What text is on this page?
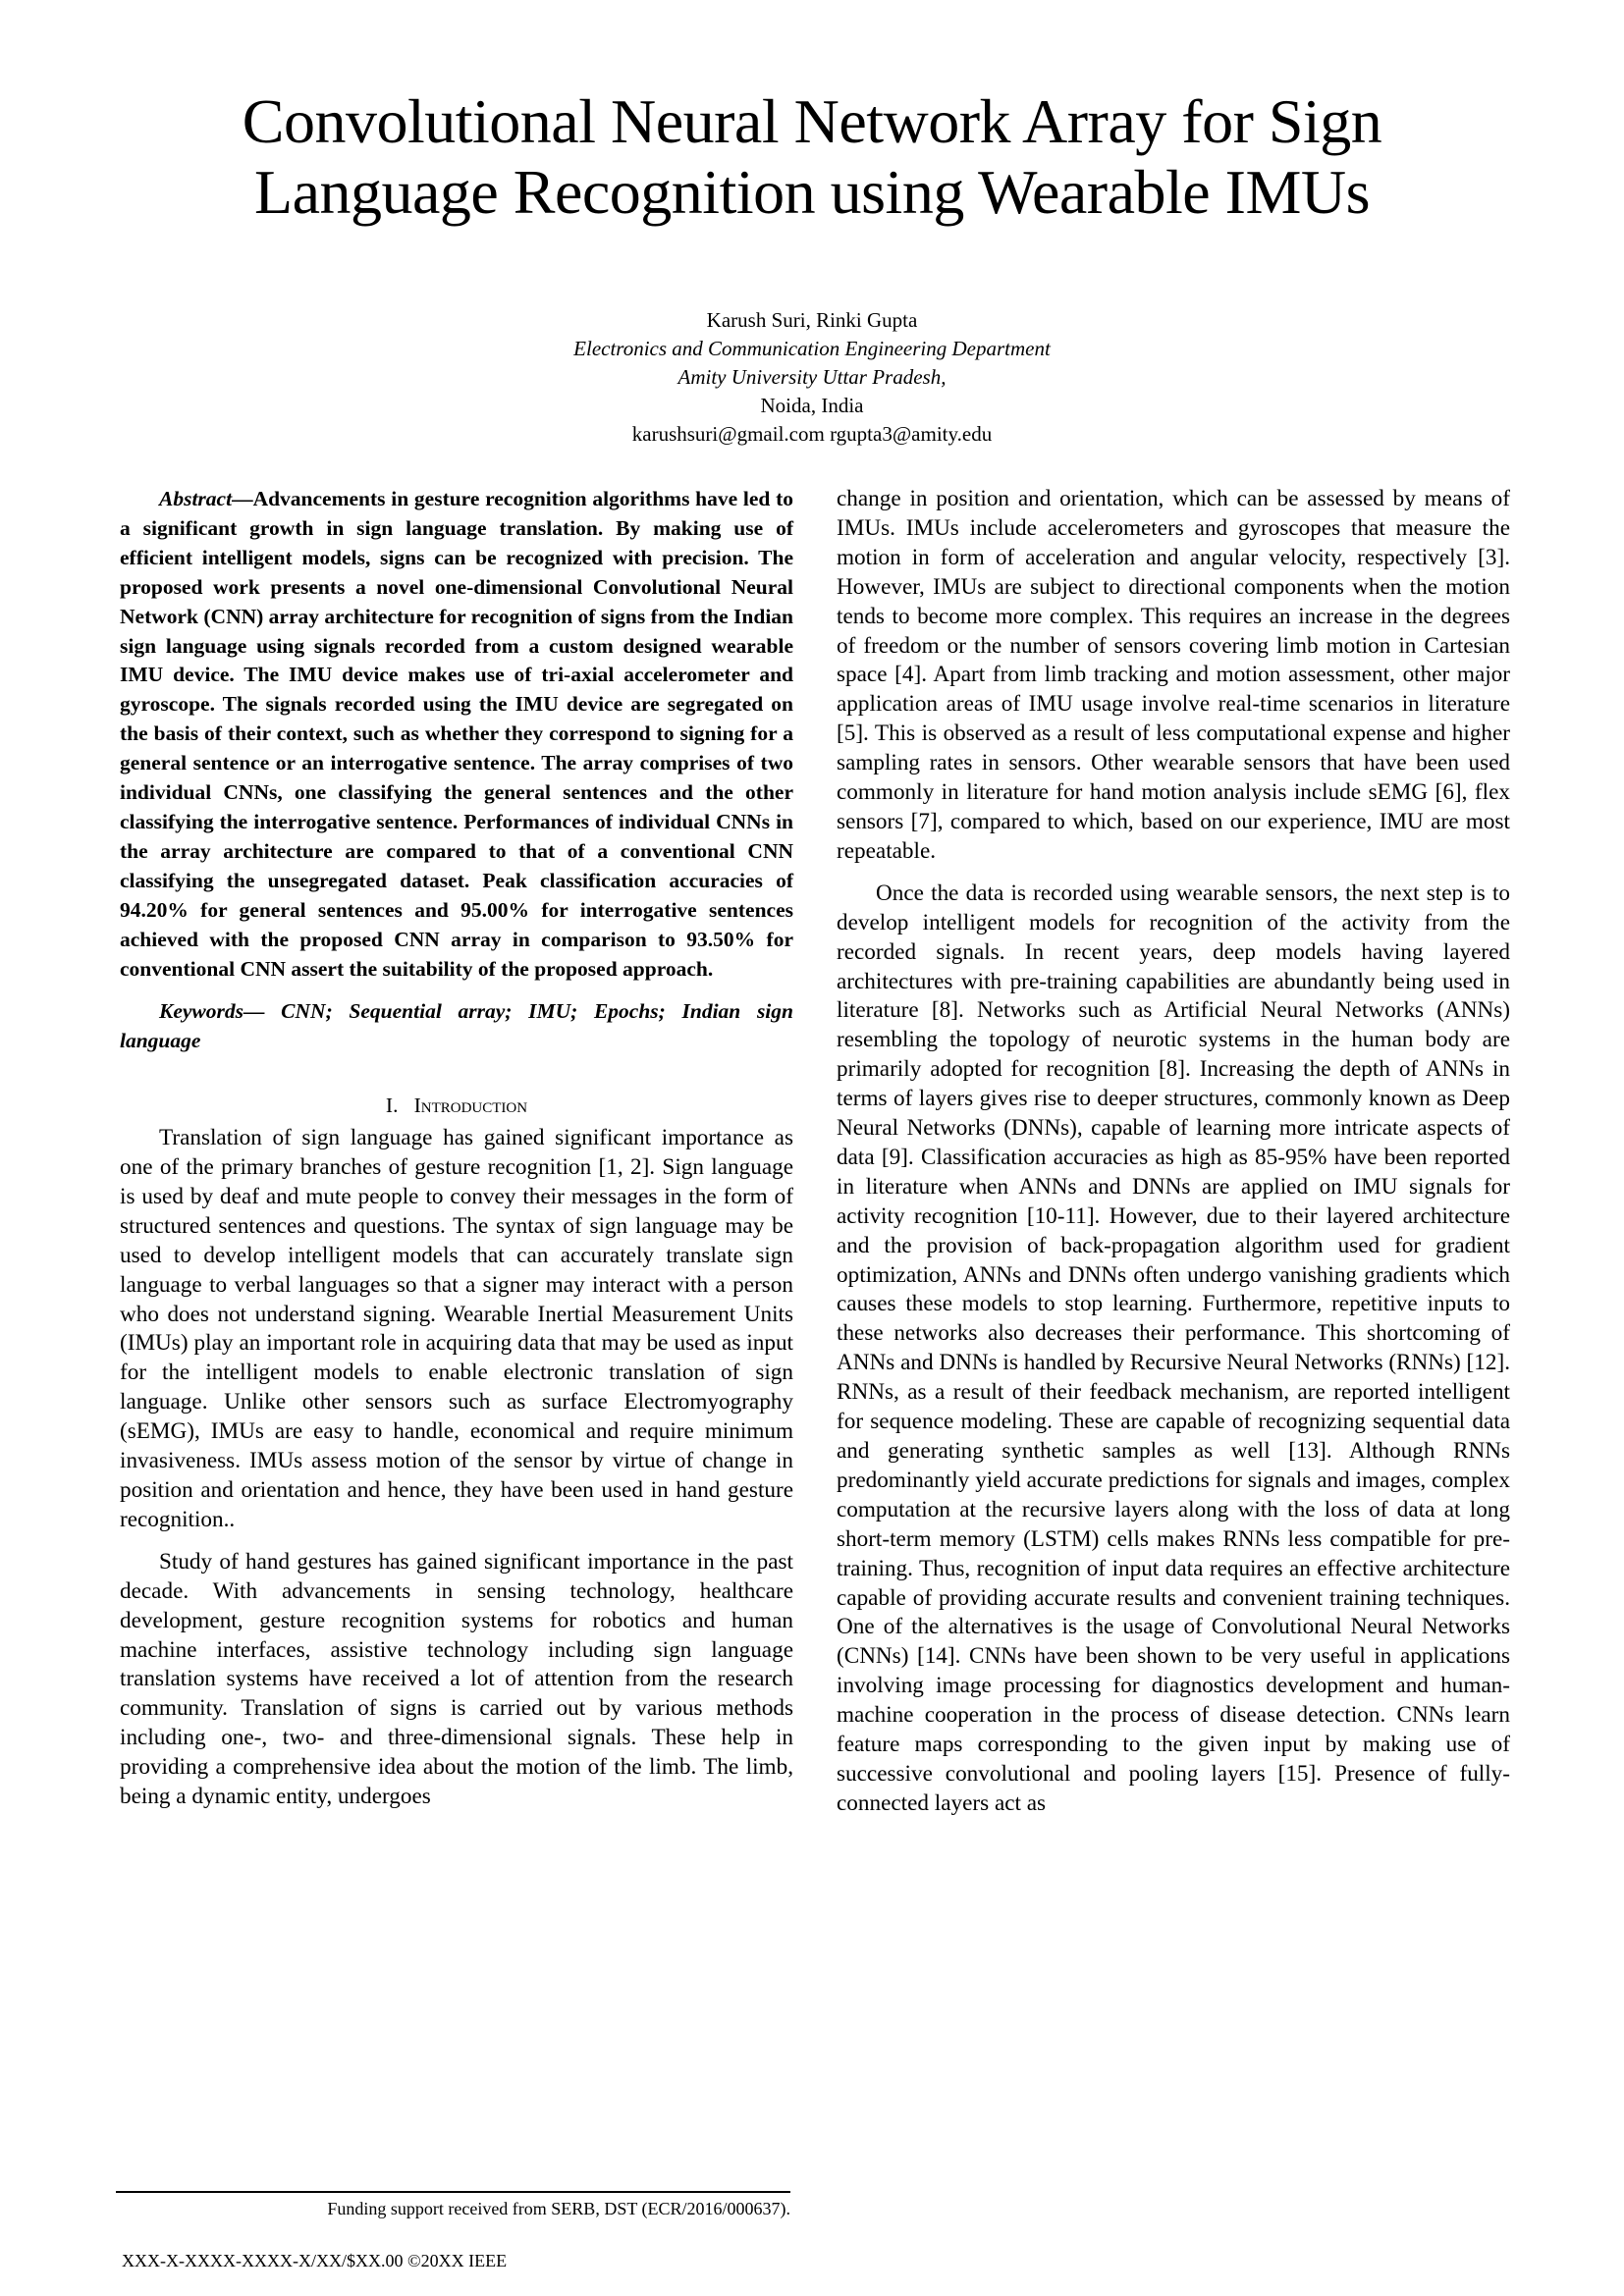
Convolutional Neural Network Array for Sign
Language Recognition using Wearable IMUs
Karush Suri, Rinki Gupta
Electronics and Communication Engineering Department
Amity University Uttar Pradesh,
Noida, India
karushsuri@gmail.com rgupta3@amity.edu

Abstract—Advancements in gesture recognition algorithms have led to a significant growth in sign language translation. By making use of efficient intelligent models, signs can be recognized with precision. The proposed work presents a novel one-dimensional Convolutional Neural Network (CNN) array architecture for recognition of signs from the Indian sign language using signals recorded from a custom designed wearable IMU device. The IMU device makes use of tri-axial accelerometer and gyroscope. The signals recorded using the IMU device are segregated on the basis of their context, such as whether they correspond to signing for a general sentence or an interrogative sentence. The array comprises of two individual CNNs, one classifying the general sentences and the other classifying the interrogative sentence. Performances of individual CNNs in the array architecture are compared to that of a conventional CNN classifying the unsegregated dataset. Peak classification accuracies of 94.20% for general sentences and 95.00% for interrogative sentences achieved with the proposed CNN array in comparison to 93.50% for conventional CNN assert the suitability of the proposed approach.

Keywords— CNN; Sequential array; IMU; Epochs; Indian sign language

I. Introduction

Translation of sign language has gained significant importance as one of the primary branches of gesture recognition [1, 2]. Sign language is used by deaf and mute people to convey their messages in the form of structured sentences and questions. The syntax of sign language may be used to develop intelligent models that can accurately translate sign language to verbal languages so that a signer may interact with a person who does not understand signing. Wearable Inertial Measurement Units (IMUs) play an important role in acquiring data that may be used as input for the intelligent models to enable electronic translation of sign language. Unlike other sensors such as surface Electromyography (sEMG), IMUs are easy to handle, economical and require minimum invasiveness. IMUs assess motion of the sensor by virtue of change in position and orientation and hence, they have been used in hand gesture recognition..

Study of hand gestures has gained significant importance in the past decade. With advancements in sensing technology, healthcare development, gesture recognition systems for robotics and human machine interfaces, assistive technology including sign language translation systems have received a lot of attention from the research community. Translation of signs is carried out by various methods including one-, two- and three-dimensional signals. These help in providing a comprehensive idea about the motion of the limb. The limb, being a dynamic entity, undergoes

change in position and orientation, which can be assessed by means of IMUs. IMUs include accelerometers and gyroscopes that measure the motion in form of acceleration and angular velocity, respectively [3]. However, IMUs are subject to directional components when the motion tends to become more complex. This requires an increase in the degrees of freedom or the number of sensors covering limb motion in Cartesian space [4]. Apart from limb tracking and motion assessment, other major application areas of IMU usage involve real-time scenarios in literature [5]. This is observed as a result of less computational expense and higher sampling rates in sensors. Other wearable sensors that have been used commonly in literature for hand motion analysis include sEMG [6], flex sensors [7], compared to which, based on our experience, IMU are most repeatable.

Once the data is recorded using wearable sensors, the next step is to develop intelligent models for recognition of the activity from the recorded signals. In recent years, deep models having layered architectures with pre-training capabilities are abundantly being used in literature [8]. Networks such as Artificial Neural Networks (ANNs) resembling the topology of neurotic systems in the human body are primarily adopted for recognition [8]. Increasing the depth of ANNs in terms of layers gives rise to deeper structures, commonly known as Deep Neural Networks (DNNs), capable of learning more intricate aspects of data [9]. Classification accuracies as high as 85-95% have been reported in literature when ANNs and DNNs are applied on IMU signals for activity recognition [10-11]. However, due to their layered architecture and the provision of back-propagation algorithm used for gradient optimization, ANNs and DNNs often undergo vanishing gradients which causes these models to stop learning. Furthermore, repetitive inputs to these networks also decreases their performance. This shortcoming of ANNs and DNNs is handled by Recursive Neural Networks (RNNs) [12]. RNNs, as a result of their feedback mechanism, are reported intelligent for sequence modeling. These are capable of recognizing sequential data and generating synthetic samples as well [13]. Although RNNs predominantly yield accurate predictions for signals and images, complex computation at the recursive layers along with the loss of data at long short-term memory (LSTM) cells makes RNNs less compatible for pre-training. Thus, recognition of input data requires an effective architecture capable of providing accurate results and convenient training techniques. One of the alternatives is the usage of Convolutional Neural Networks (CNNs) [14]. CNNs have been shown to be very useful in applications involving image processing for diagnostics development and human-machine cooperation in the process of disease detection. CNNs learn feature maps corresponding to the given input by making use of successive convolutional and pooling layers [15]. Presence of fully-connected layers act as

Funding support received from SERB, DST (ECR/2016/000637).
XXX-X-XXXX-XXXX-X/XX/$XX.00 ©20XX IEEE
